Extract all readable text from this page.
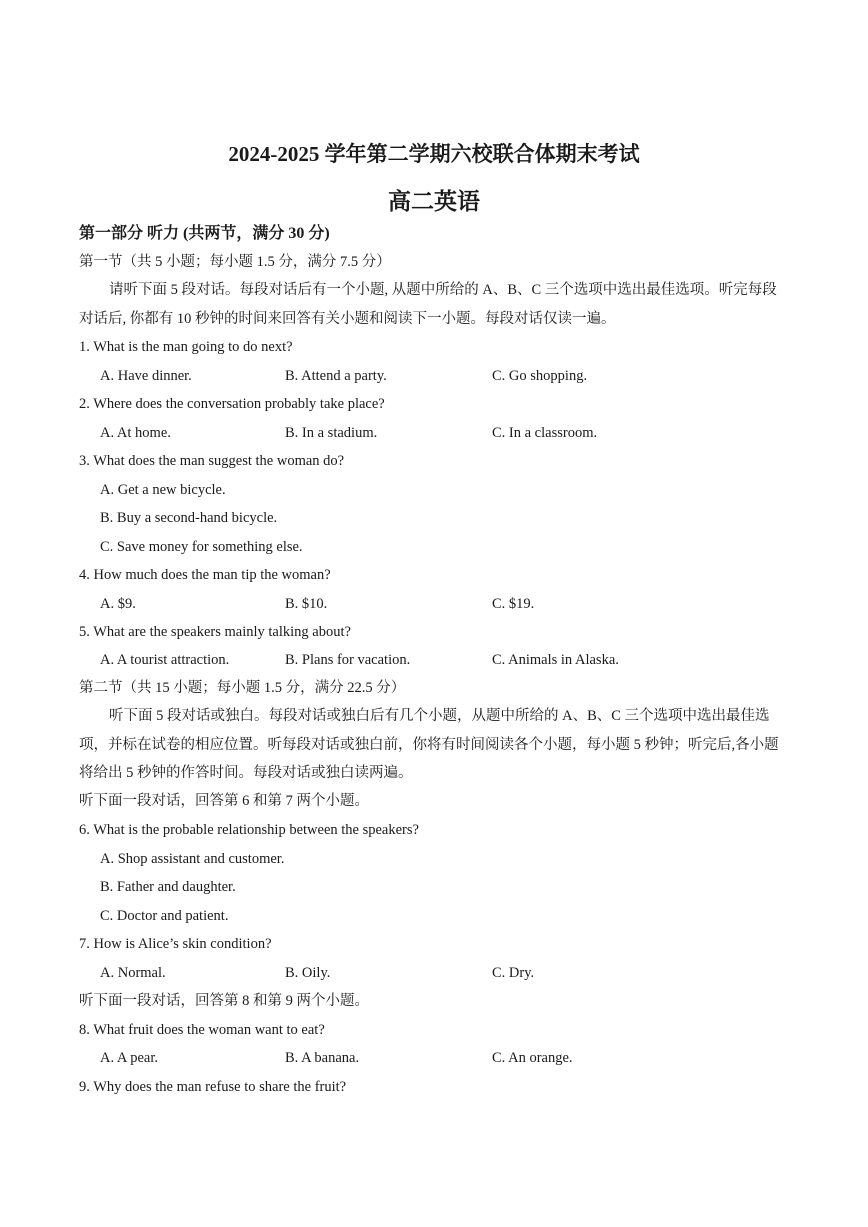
2024-2025 学年第二学期六校联合体期末考试
高二英语
第一部分 听力 (共两节，满分 30 分)
第一节（共 5 小题；每小题 1.5 分，满分 7.5 分）
请听下面 5 段对话。每段对话后有一个小题, 从题中所给的 A、B、C 三个选项中选出最佳选项。听完每段对话后, 你都有 10 秒钟的时间来回答有关小题和阅读下一小题。每段对话仅读一遍。
1. What is the man going to do next?
A. Have dinner.	B. Attend a party.	C. Go shopping.
2. Where does the conversation probably take place?
A. At home.	B. In a stadium.	C. In a classroom.
3. What does the man suggest the woman do?
A. Get a new bicycle.
B. Buy a second-hand bicycle.
C. Save money for something else.
4. How much does the man tip the woman?
A. $9.	B. $10.	C. $19.
5. What are the speakers mainly talking about?
A. A tourist attraction.	B. Plans for vacation.	C. Animals in Alaska.
第二节（共 15 小题；每小题 1.5 分，满分 22.5 分）
听下面 5 段对话或独白。每段对话或独白后有几个小题，从题中所给的 A、B、C 三个选项中选出最佳选项，并标在试卷的相应位置。听每段对话或独白前，你将有时间阅读各个小题，每小题 5 秒钟；听完后,各小题将给出 5 秒钟的作答时间。每段对话或独白读两遍。
听下面一段对话，回答第 6 和第 7 两个小题。
6. What is the probable relationship between the speakers?
A. Shop assistant and customer.
B. Father and daughter.
C. Doctor and patient.
7. How is Alice’s skin condition?
A. Normal.	B. Oily.	C. Dry.
听下面一段对话，回答第 8 和第 9 两个小题。
8. What fruit does the woman want to eat?
A. A pear.	B. A banana.	C. An orange.
9. Why does the man refuse to share the fruit?
